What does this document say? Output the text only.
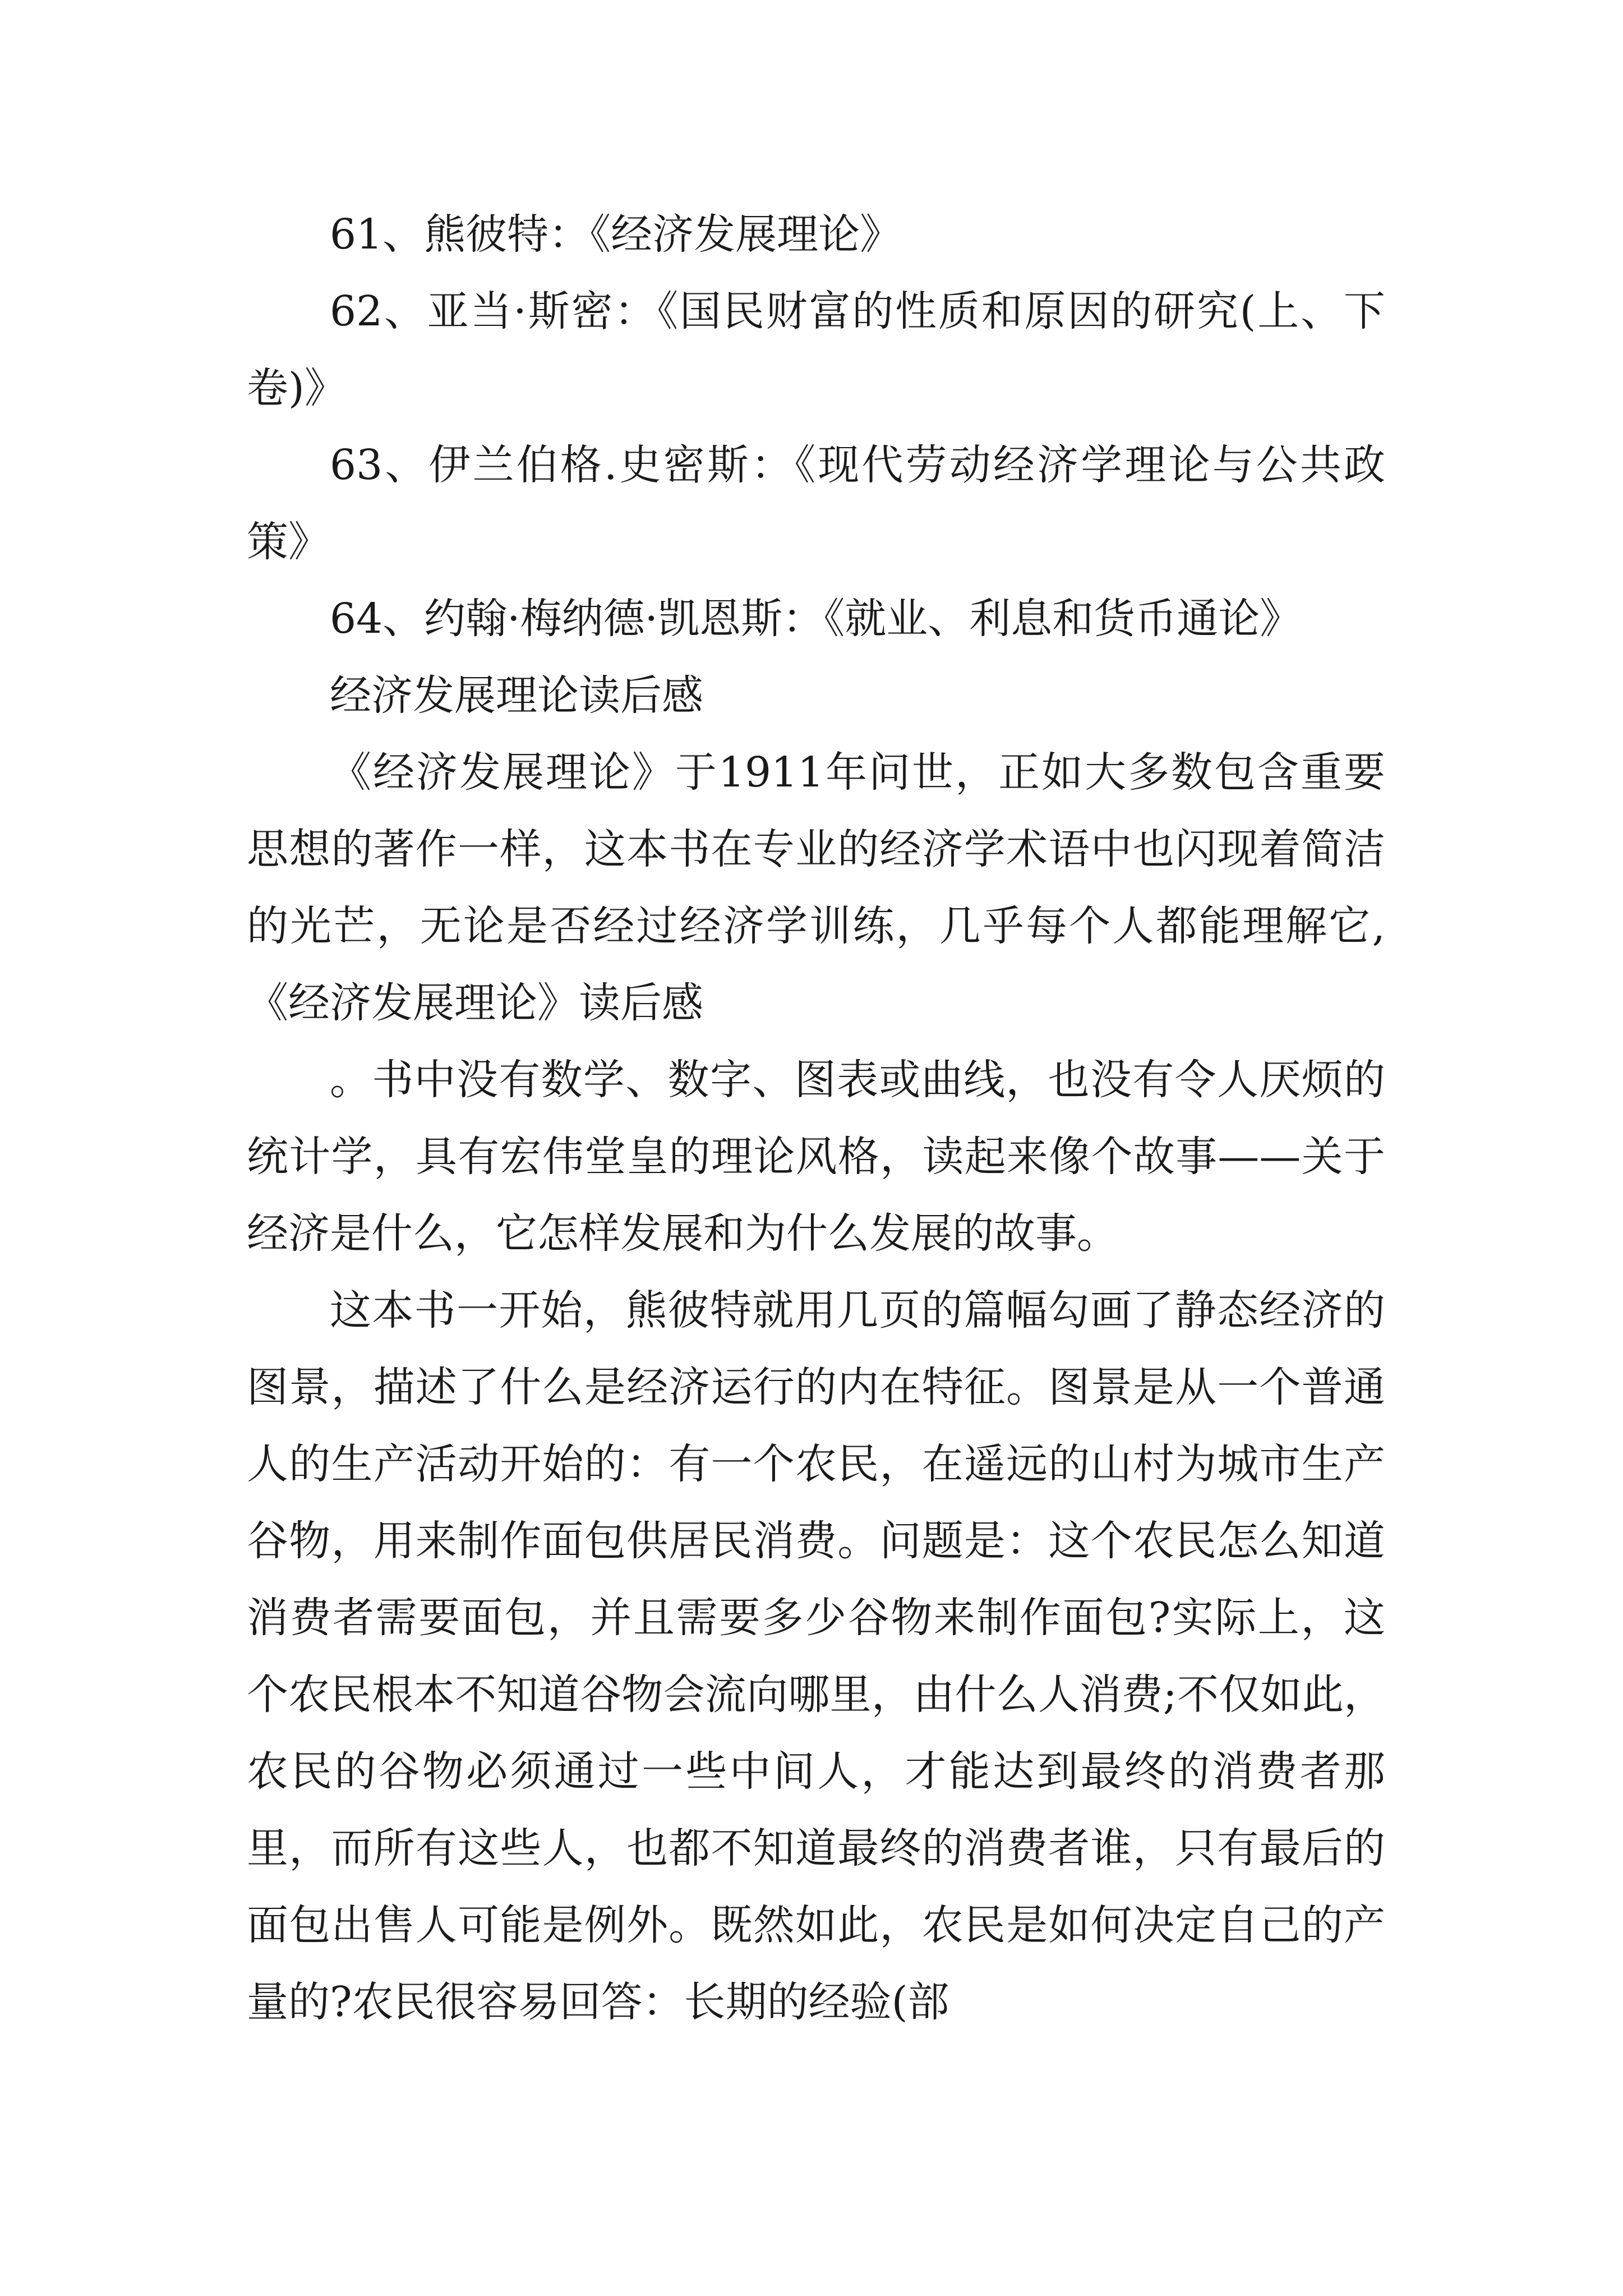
61、熊彼特：《经济发展理论》

62、亚当·斯密：《国民财富的性质和原因的研究(上、下卷)》

63、伊兰伯格.史密斯：《现代劳动经济学理论与公共政策》

64、约翰·梅纳德·凯恩斯：《就业、利息和货币通论》

经济发展理论读后感

《经济发展理论》于1911年问世，正如大多数包含重要思想的著作一样，这本书在专业的经济学术语中也闪现着简洁的光芒，无论是否经过经济学训练，几乎每个人都能理解它,《经济发展理论》读后感

。书中没有数学、数字、图表或曲线，也没有令人厌烦的统计学，具有宏伟堂皇的理论风格，读起来像个故事——关于经济是什么，它怎样发展和为什么发展的故事。

这本书一开始，熊彼特就用几页的篇幅勾画了静态经济的图景，描述了什么是经济运行的内在特征。图景是从一个普通人的生产活动开始的：有一个农民，在遥远的山村为城市生产谷物，用来制作面包供居民消费。问题是：这个农民怎么知道消费者需要面包，并且需要多少谷物来制作面包?实际上，这个农民根本不知道谷物会流向哪里，由什么人消费;不仅如此，农民的谷物必须通过一些中间人，才能达到最终的消费者那里，而所有这些人，也都不知道最终的消费者谁，只有最后的面包出售人可能是例外。既然如此，农民是如何决定自己的产量的?农民很容易回答：长期的经验(部
